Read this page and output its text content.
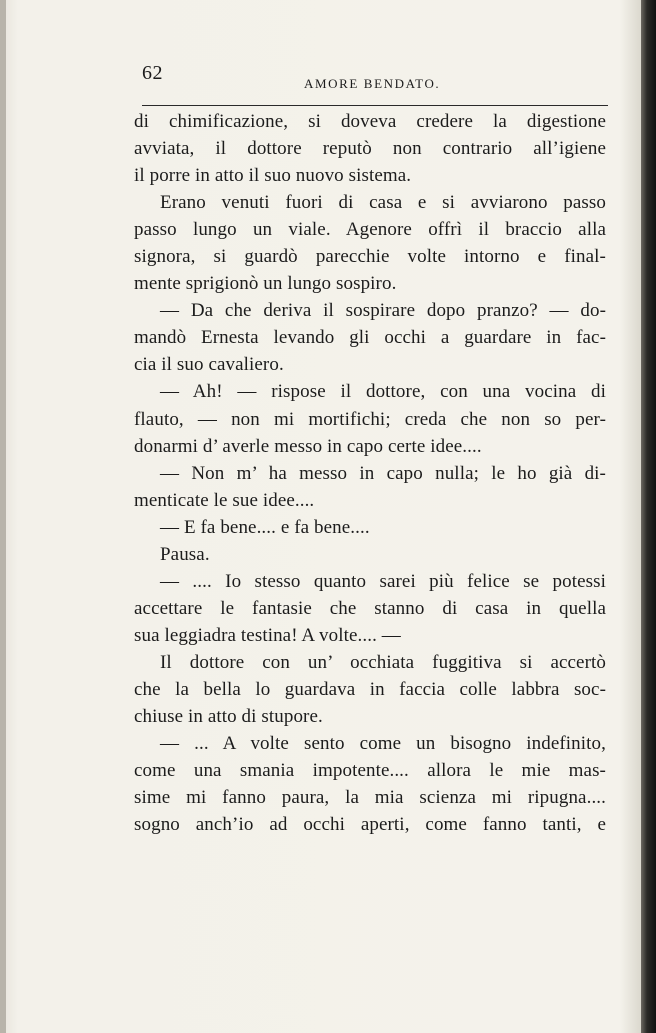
62	AMORE BENDATO.
di chimificazione, si doveva credere la digestione
avviata, il dottore reputò non contrario all’igiene
il porre in atto il suo nuovo sistema.
Erano venuti fuori di casa e si avviarono passo
passo lungo un viale. Agenore offrì il braccio alla
signora, si guardò parecchie volte intorno e final-
mente sprigionò un lungo sospiro.
— Da che deriva il sospirare dopo pranzo? — do-
mandò Ernesta levando gli occhi a guardare in fac-
cia il suo cavaliero.
— Ah! — rispose il dottore, con una vocina di
flauto, — non mi mortifichi; creda che non so per-
donarmi d’ averle messo in capo certe idee....
— Non m’ ha messo in capo nulla; le ho già di-
menticate le sue idee....
— E fa bene.... e fa bene....
Pausa.
— .... Io stesso quanto sarei più felice se potessi
accettare le fantasie che stanno di casa in quella
sua leggiadra testina! A volte.... —
Il dottore con un’ occhiata fuggitiva si accertò
che la bella lo guardava in faccia colle labbra soc-
chiuse in atto di stupore.
— ... A volte sento come un bisogno indefinito,
come una smania impotente.... allora le mie mas-
sime mi fanno paura, la mia scienza mi ripugna....
sogno anch’io ad occhi aperti, come fanno tanti, e
